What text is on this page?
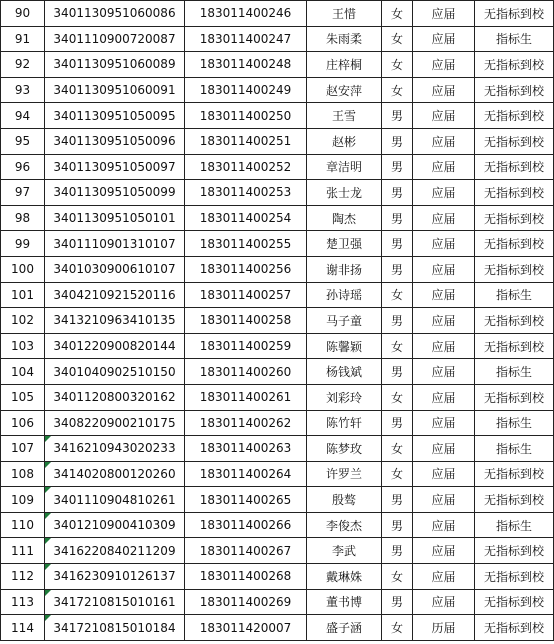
90	3401130951060086	183011400246	王惜	女	应届	无指标到校
91	3401110900720087	183011400247	朱雨柔	女	应届	指标生
92	3401130951060089	183011400248	庄梓桐	女	应届	无指标到校
93	3401130951060091	183011400249	赵安萍	女	应届	无指标到校
94	3401130951050095	183011400250	王雪	男	应届	无指标到校
95	3401130951050096	183011400251	赵彬	男	应届	无指标到校
96	3401130951050097	183011400252	章洁明	男	应届	无指标到校
97	3401130951050099	183011400253	张士龙	男	应届	无指标到校
98	3401130951050101	183011400254	陶杰	男	应届	无指标到校
99	3401110901310107	183011400255	楚卫强	男	应届	无指标到校
100	3401030900610107	183011400256	谢非扬	男	应届	无指标到校
101	3404210921520116	183011400257	孙诗瑶	女	应届	指标生
102	3413210963410135	183011400258	马子童	男	应届	无指标到校
103	3401220900820144	183011400259	陈馨颖	女	应届	无指标到校
104	3401040902510150	183011400260	杨钱斌	男	应届	指标生
105	3401120800320162	183011400261	刘彩玲	女	应届	无指标到校
106	3408220900210175	183011400262	陈竹轩	男	应届	指标生
107	3416210943020233	183011400263	陈梦玫	女	应届	指标生
108	3414020800120260	183011400264	许罗兰	女	应届	无指标到校
109	3401110904810261	183011400265	殷骜	男	应届	无指标到校
110	3401210900410309	183011400266	李俊杰	男	应届	指标生
111	3416220840211209	183011400267	李武	男	应届	无指标到校
112	3416230910126137	183011400268	戴琳姝	女	应届	无指标到校
113	3417210815010161	183011400269	董书博	男	应届	无指标到校
114	3417210815010184	183011420007	盛子涵	女	历届	无指标到校
